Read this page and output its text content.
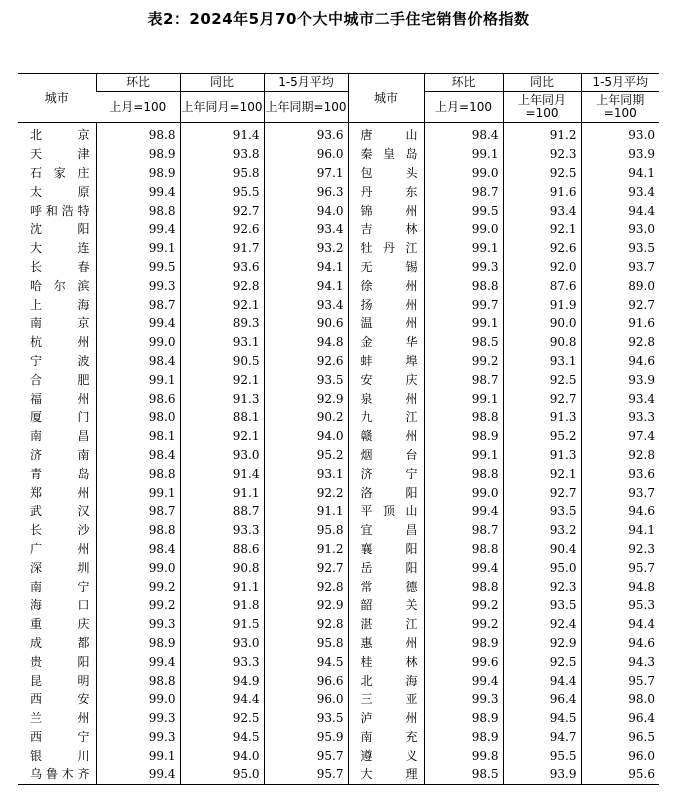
表2：2024年5月70个大中城市二手住宅销售价格指数
城市	环比	同比	1-5月平均	城市	环比	同比	1-5月平均
	上月=100	上年同月=100	上年同期=100		上月=100	上年同月=100	上年同期=100
北　京	98.8	91.4	93.6	唐　山	98.4	91.2	93.0
天　津	98.9	93.8	96.0	秦皇岛	99.1	92.3	93.9
石家庄	98.9	95.8	97.1	包　头	99.0	92.5	94.1
太　原	99.4	95.5	96.3	丹　东	98.7	91.6	93.4
呼和浩特	98.8	92.7	94.0	锦　州	99.5	93.4	94.4
沈　阳	99.4	92.6	93.4	吉　林	99.0	92.1	93.0
大　连	99.1	91.7	93.2	牡丹江	99.1	92.6	93.5
长　春	99.5	93.6	94.1	无　锡	99.3	92.0	93.7
哈尔滨	99.3	92.8	94.1	徐　州	98.8	87.6	89.0
上　海	98.7	92.1	93.4	扬　州	99.7	91.9	92.7
南　京	99.4	89.3	90.6	温　州	99.1	90.0	91.6
杭　州	99.0	93.1	94.8	金　华	98.5	90.8	92.8
宁　波	98.4	90.5	92.6	蚌　埠	99.2	93.1	94.6
合　肥	99.1	92.1	93.5	安　庆	98.7	92.5	93.9
福　州	98.6	91.3	92.9	泉　州	99.1	92.7	93.4
厦　门	98.0	88.1	90.2	九　江	98.8	91.3	93.3
南　昌	98.1	92.1	94.0	赣　州	98.9	95.2	97.4
济　南	98.4	93.0	95.2	烟　台	99.1	91.3	92.8
青　岛	98.8	91.4	93.1	济　宁	98.8	92.1	93.6
郑　州	99.1	91.1	92.2	洛　阳	99.0	92.7	93.7
武　汉	98.7	88.7	91.1	平顶山	99.4	93.5	94.6
长　沙	98.8	93.3	95.8	宜　昌	98.7	93.2	94.1
广　州	98.4	88.6	91.2	襄　阳	98.8	90.4	92.3
深　圳	99.0	90.8	92.7	岳　阳	99.4	95.0	95.7
南　宁	99.2	91.1	92.8	常　德	98.8	92.3	94.8
海　口	99.2	91.8	92.9	韶　关	99.2	93.5	95.3
重　庆	99.3	91.5	92.8	湛　江	99.2	92.4	94.4
成　都	98.9	93.0	95.8	惠　州	98.9	92.9	94.6
贵　阳	99.4	93.3	94.5	桂　林	99.6	92.5	94.3
昆　明	98.8	94.9	96.6	北　海	99.4	94.4	95.7
西　安	99.0	94.4	96.0	三　亚	99.3	96.4	98.0
兰　州	99.3	92.5	93.5	泸　州	98.9	94.5	96.4
西　宁	99.3	94.5	95.9	南　充	98.9	94.7	96.5
银　川	99.1	94.0	95.7	遵　义	99.8	95.5	96.0
乌鲁木齐	99.4	95.0	95.7	大　理	98.5	93.9	95.6
